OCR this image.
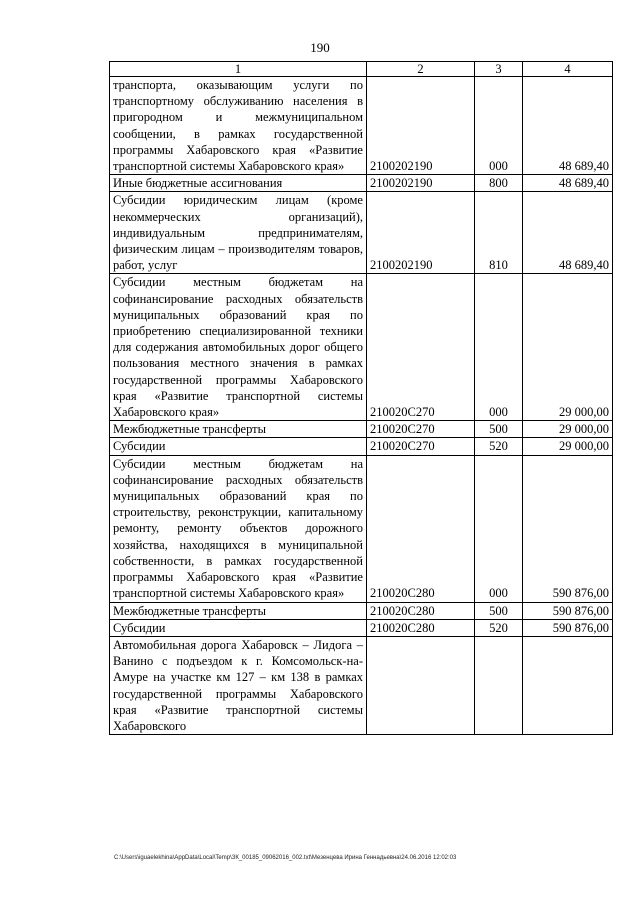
190
1	2	3	4
транспорта, оказывающим услуги по транспортному обслуживанию населения в пригородном и межмуниципальном сообщении, в рамках государственной программы Хабаровского края «Развитие транспортной системы Хабаровского края»	2100202190	000	48 689,40
Иные бюджетные ассигнования	2100202190	800	48 689,40
Субсидии юридическим лицам (кроме некоммерческих организаций), индивидуальным предпринимателям, физическим лицам – производителям товаров, работ, услуг	2100202190	810	48 689,40
Субсидии местным бюджетам на софинансирование расходных обязательств муниципальных образований края по приобретению специализированной техники для содержания автомобильных дорог общего пользования местного значения в рамках государственной программы Хабаровского края «Развитие транспортной системы Хабаровского края»	210020С270	000	29 000,00
Межбюджетные трансферты	210020С270	500	29 000,00
Субсидии	210020С270	520	29 000,00
Субсидии местным бюджетам на софинансирование расходных обязательств муниципальных образований края по строительству, реконструкции, капитальному ремонту, ремонту объектов дорожного хозяйства, находящихся в муниципальной собственности, в рамках государственной программы Хабаровского края «Развитие транспортной системы Хабаровского края»	210020С280	000	590 876,00
Межбюджетные трансферты	210020С280	500	590 876,00
Субсидии	210020С280	520	590 876,00
Автомобильная дорога Хабаровск – Лидога – Ванино с подъездом к г. Комсомольск-на-Амуре на участке км 127 – км 138 в рамках государственной программы Хабаровского края «Развитие транспортной системы Хабаровского			
C:\Users\iguaelekhina\AppData\Local\Temp\ЗК_00185_09062016_002.txt\Мезенцева Ирина Геннадьевна\24.06.2016 12:02:03
